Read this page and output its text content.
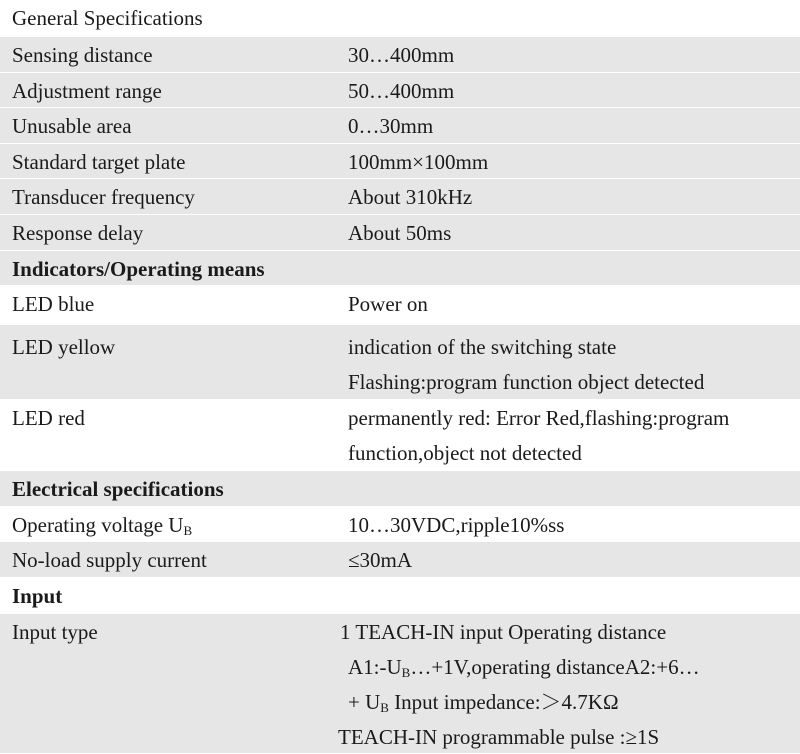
General Specifications
Sensing distance	30…400mm
Adjustment range	50…400mm
Unusable area	0…30mm
Standard target plate	100mm×100mm
Transducer frequency	About 310kHz
Response delay	About 50ms
Indicators/Operating means
LED blue	Power on
LED yellow	indication of the switching state
Flashing:program function object detected
LED red	permanently red: Error Red,flashing:program
function,object not detected
Electrical specifications
Operating voltage $U_B$	10…30VDC,ripple10%ss
No-load supply current	≤30mA
Input
Input type	1 TEACH-IN input Operating distance
$A1:-U_B\dots+1V,operating$ distanceA2:+6…
+ $U_B$ Input impedance:＞4.7KΩ
TEACH-IN programmable pulse :≥1S
